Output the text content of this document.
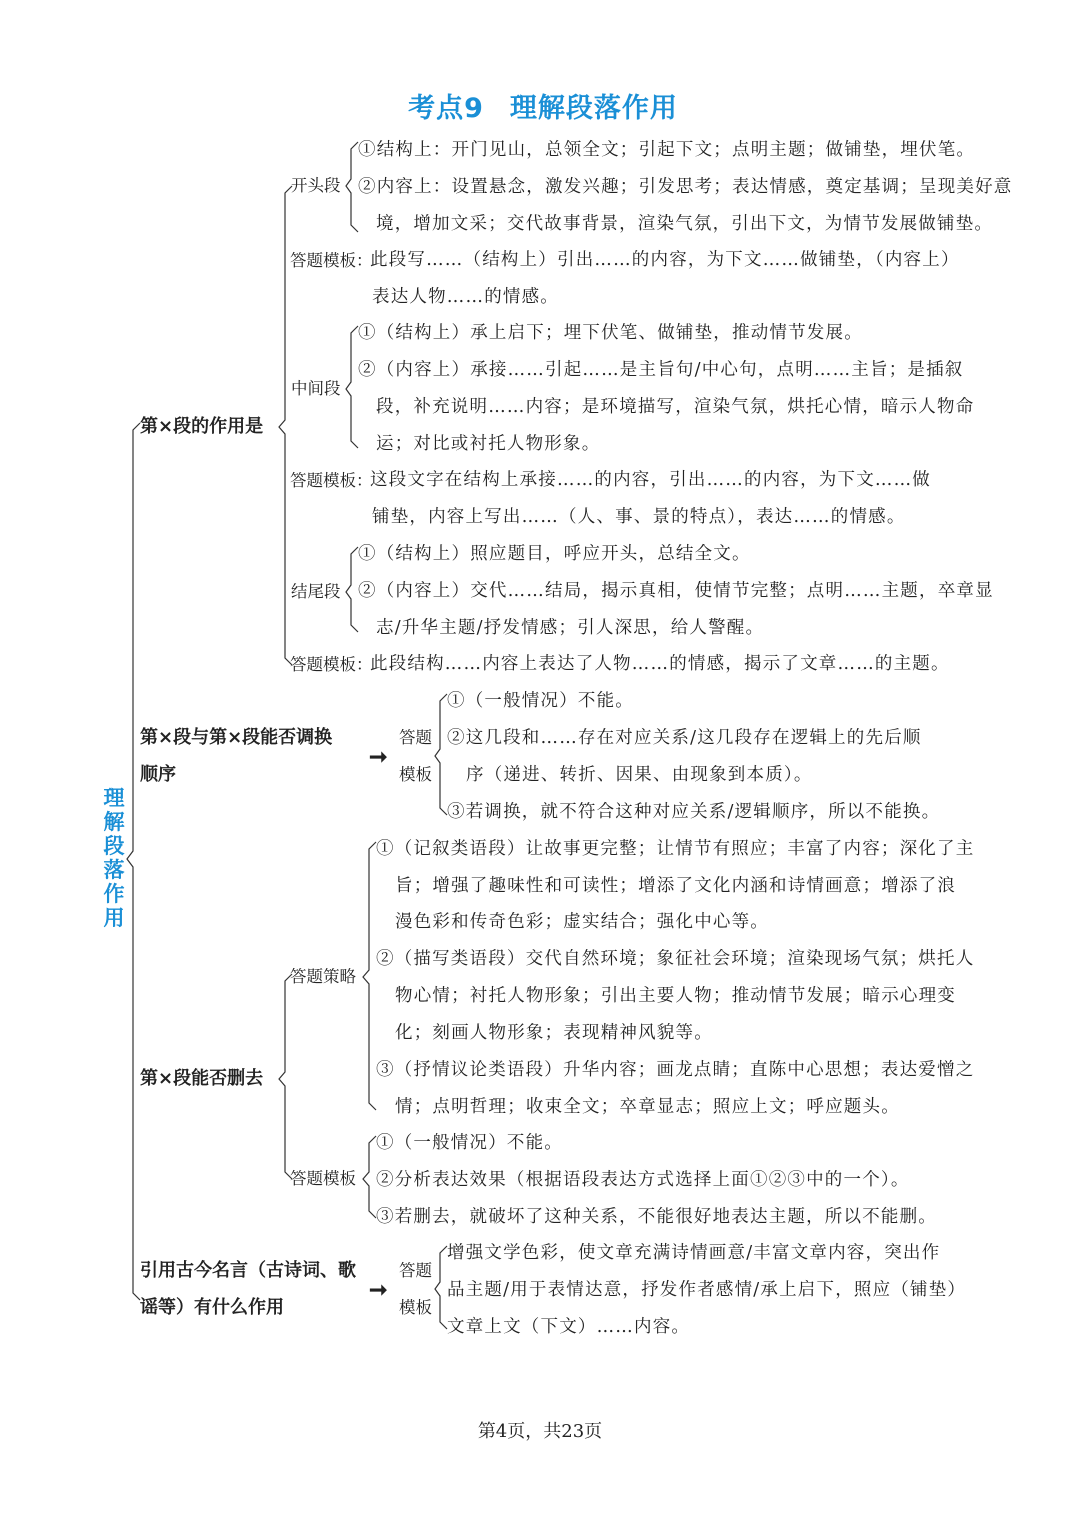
考点9 理解段落作用
理解段落作用
第×段的作用是
开头段
①结构上：开门见山，总领全文；引起下文；点明主题；做铺垫，埋伏笔。
②内容上：设置悬念，激发兴趣；引发思考；表达情感，奠定基调；呈现美好意
境，增加文采；交代故事背景，渲染气氛，引出下文，为情节发展做铺垫。
答题模板：
此段写……（结构上）引出……的内容，为下文……做铺垫，（内容上）
表达人物……的情感。
中间段
①（结构上）承上启下；埋下伏笔、做铺垫，推动情节发展。
②（内容上）承接……引起……是主旨句/中心句，点明……主旨；是插叙
段，补充说明……内容；是环境描写，渲染气氛，烘托心情，暗示人物命
运；对比或衬托人物形象。
答题模板：
这段文字在结构上承接……的内容，引出……的内容，为下文……做
铺垫，内容上写出……（人、事、景的特点），表达……的情感。
结尾段
①（结构上）照应题目，呼应开头，总结全文。
②（内容上）交代……结局，揭示真相，使情节完整；点明……主题，卒章显
志/升华主题/抒发情感；引人深思，给人警醒。
答题模板：
此段结构……内容上表达了人物……的情感，揭示了文章……的主题。
第×段与第×段能否调换
顺序
➞
答题
模板
①（一般情况）不能。
②这几段和……存在对应关系/这几段存在逻辑上的先后顺
序（递进、转折、因果、由现象到本质）。
③若调换，就不符合这种对应关系/逻辑顺序，所以不能换。
第×段能否删去
答题策略
①（记叙类语段）让故事更完整；让情节有照应；丰富了内容；深化了主
旨；增强了趣味性和可读性；增添了文化内涵和诗情画意；增添了浪
漫色彩和传奇色彩；虚实结合；强化中心等。
②（描写类语段）交代自然环境；象征社会环境；渲染现场气氛；烘托人
物心情；衬托人物形象；引出主要人物；推动情节发展；暗示心理变
化；刻画人物形象；表现精神风貌等。
③（抒情议论类语段）升华内容；画龙点睛；直陈中心思想；表达爱憎之
情；点明哲理；收束全文；卒章显志；照应上文；呼应题头。
答题模板
①（一般情况）不能。
②分析表达效果（根据语段表达方式选择上面①②③中的一个）。
③若删去，就破坏了这种关系，不能很好地表达主题，所以不能删。
引用古今名言（古诗词、歌
谣等）有什么作用
➞
答题
模板
增强文学色彩，使文章充满诗情画意/丰富文章内容，突出作
品主题/用于表情达意，抒发作者感情/承上启下，照应（铺垫）
文章上文（下文）……内容。
第4页，共23页
